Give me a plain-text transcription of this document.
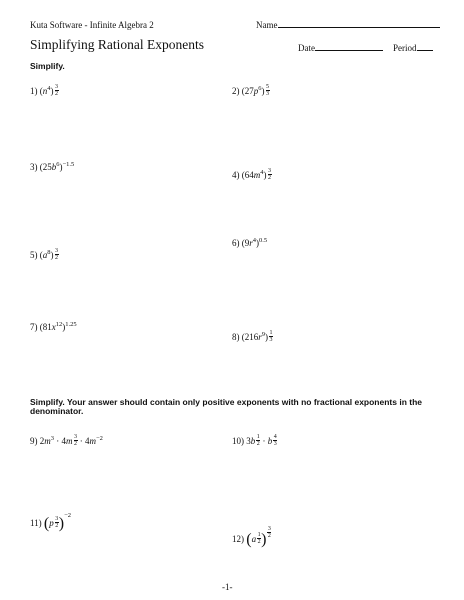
Kuta Software - Infinite Algebra 2	Name
Simplifying Rational Exponents	Date	Period
Simplify.
1) $(n^4) \frac{3}{2}$	2) $(27p^6) \frac{5}{3}$
3) $(25b^6)^{-1.5}$
4) $(64m^4) \frac{3}{2}$
5) $(a^8) \frac{3}{2}$
6) $(9r^4)^{0.5}$
7) $(81x^{12})^{1.25}$
8) $(216r^9) \frac{1}{3}$
Simplify. Your answer should contain only positive exponents with no fractional exponents in the
denominator.
9) $2m^3 \cdot 4m \frac{3}{2} \cdot 4m^{-2}$	10) $3b \frac{1}{2} \cdot b \frac{4}{3}$
11) $(p \frac{3}{2} )^{-2}$
12) ($a \frac{1}{2}$ ) $\frac{3}{2}$
-1-
